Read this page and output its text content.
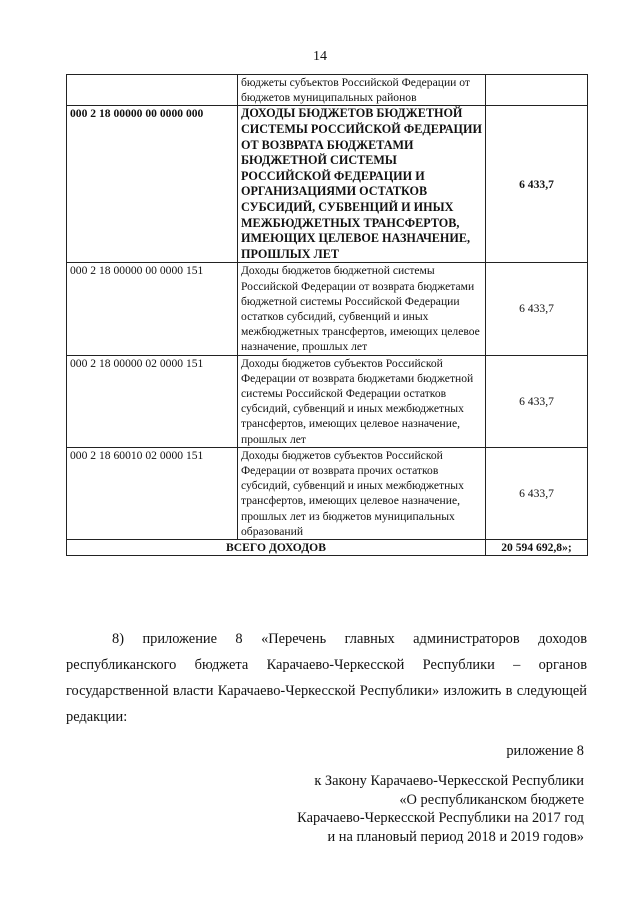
14
	бюджеты субъектов Российской Федерации от бюджетов муниципальных районов	
000 2 18 00000 00 0000 000	ДОХОДЫ БЮДЖЕТОВ БЮДЖЕТНОЙ СИСТЕМЫ РОССИЙСКОЙ ФЕДЕРАЦИИ ОТ ВОЗВРАТА БЮДЖЕТАМИ БЮДЖЕТНОЙ СИСТЕМЫ РОССИЙСКОЙ ФЕДЕРАЦИИ И ОРГАНИЗАЦИЯМИ ОСТАТКОВ СУБСИДИЙ, СУБВЕНЦИЙ И ИНЫХ МЕЖБЮДЖЕТНЫХ ТРАНСФЕРТОВ, ИМЕЮЩИХ ЦЕЛЕВОЕ НАЗНАЧЕНИЕ, ПРОШЛЫХ ЛЕТ	6 433,7
000 2 18 00000 00 0000 151	Доходы бюджетов бюджетной системы Российской Федерации от возврата бюджетами бюджетной системы Российской Федерации остатков субсидий, субвенций и иных межбюджетных трансфертов, имеющих целевое назначение, прошлых лет	6 433,7
000 2 18 00000 02 0000 151	Доходы бюджетов субъектов Российской Федерации от возврата бюджетами бюджетной системы Российской Федерации остатков субсидий, субвенций и иных межбюджетных трансфертов, имеющих целевое назначение, прошлых лет	6 433,7
000 2 18 60010 02 0000 151	Доходы бюджетов субъектов Российской Федерации от возврата прочих остатков субсидий, субвенций и иных межбюджетных трансфертов, имеющих целевое назначение, прошлых лет из бюджетов муниципальных образований	6 433,7
ВСЕГО ДОХОДОВ		20 594 692,8»;
8) приложение 8 «Перечень главных администраторов доходов республиканского бюджета Карачаево-Черкесской Республики – органов государственной власти Карачаево-Черкесской Республики» изложить в следующей редакции:
риложение 8
к Закону Карачаево-Черкесской Республики
«О республиканском бюджете
Карачаево-Черкесской Республики на 2017 год
и на плановый период 2018 и 2019 годов»
